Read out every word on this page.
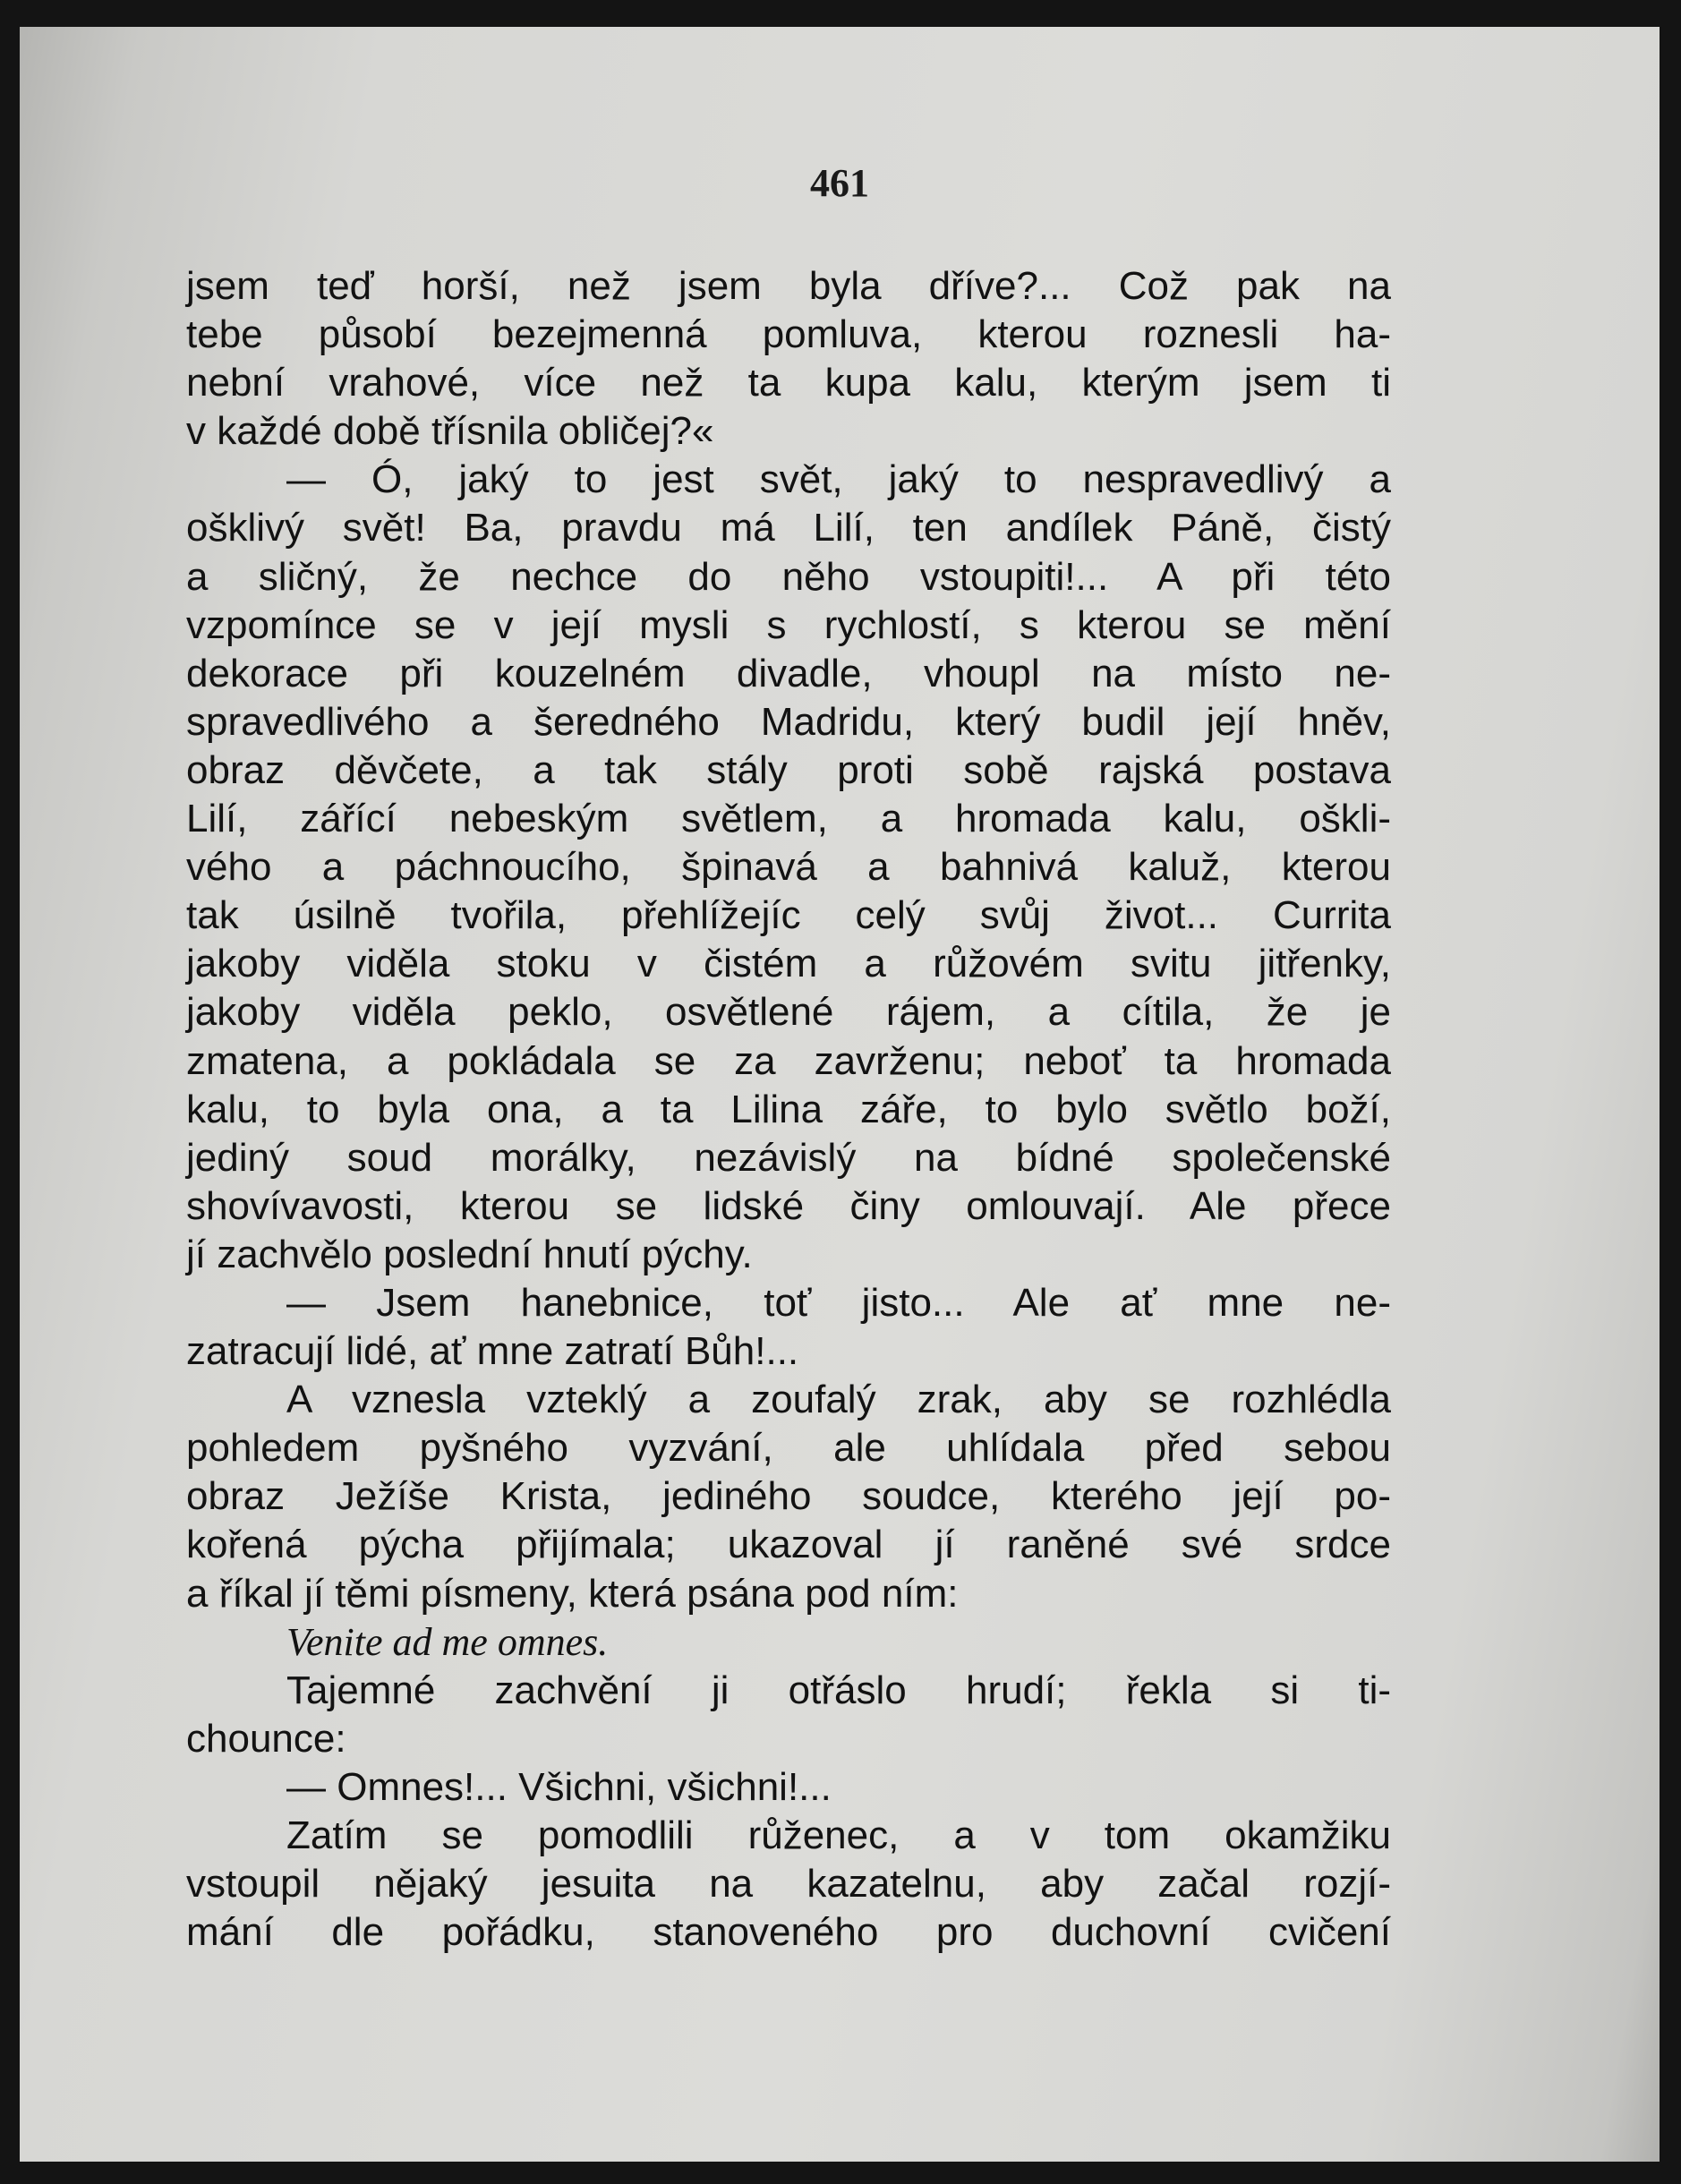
461
jsem teď horší, než jsem byla dříve?... Což pak na
tebe působí bezejmenná pomluva, kterou roznesli ha-
nební vrahové, více než ta kupa kalu, kterým jsem ti
v každé době třísnila obličej?«
— Ó, jaký to jest svět, jaký to nespravedlivý a
ošklivý svět! Ba, pravdu má Lilí, ten andílek Páně, čistý
a sličný, že nechce do něho vstoupiti!... A při této
vzpomínce se v její mysli s rychlostí, s kterou se mění
dekorace při kouzelném divadle, vhoupl na místo ne-
spravedlivého a šeredného Madridu, který budil její hněv,
obraz děvčete, a tak stály proti sobě rajská postava
Lilí, zářící nebeským světlem, a hromada kalu, oškli-
vého a páchnoucího, špinavá a bahnivá kaluž, kterou
tak úsilně tvořila, přehlížejíc celý svůj život... Currita
jakoby viděla stoku v čistém a růžovém svitu jitřenky,
jakoby viděla peklo, osvětlené rájem, a cítila, že je
zmatena, a pokládala se za zavrženu; neboť ta hromada
kalu, to byla ona, a ta Lilina záře, to bylo světlo boží,
jediný soud morálky, nezávislý na bídné společenské
shovívavosti, kterou se lidské činy omlouvají. Ale přece
jí zachvělo poslední hnutí pýchy.
— Jsem hanebnice, toť jisto... Ale ať mne ne-
zatracují lidé, ať mne zatratí Bůh!...
A vznesla vzteklý a zoufalý zrak, aby se rozhlédla
pohledem pyšného vyzvání, ale uhlídala před sebou
obraz Ježíše Krista, jediného soudce, kterého její po-
kořená pýcha přijímala; ukazoval jí raněné své srdce
a říkal jí těmi písmeny, která psána pod ním:
Venite ad me omnes.
Tajemné zachvění ji otřáslo hrudí; řekla si ti-
chounce:
— Omnes!... Všichni, všichni!...
Zatím se pomodlili růženec, a v tom okamžiku
vstoupil nějaký jesuita na kazatelnu, aby začal rozjí-
mání dle pořádku, stanoveného pro duchovní cvičení
